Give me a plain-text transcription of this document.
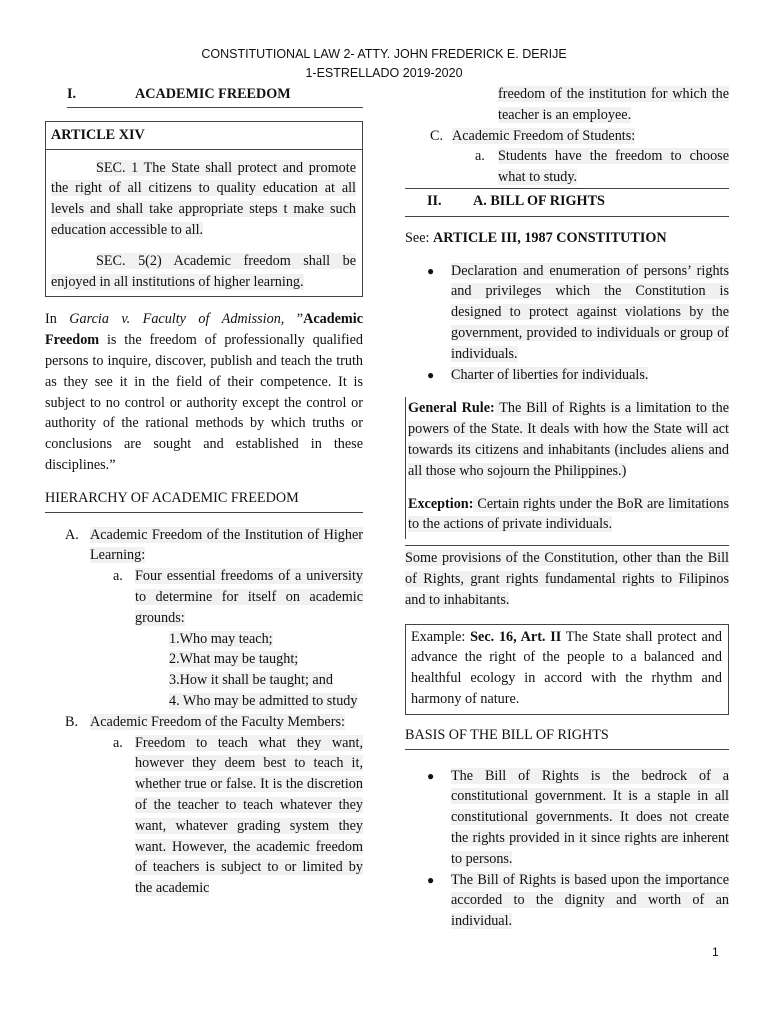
CONSTITUTIONAL LAW 2- ATTY. JOHN FREDERICK E. DERIJE
1-ESTRELLADO 2019-2020
I.	ACADEMIC FREEDOM
ARTICLE XIV

SEC. 1 The State shall protect and promote the right of all citizens to quality education at all levels and shall take appropriate steps t make such education accessible to all.

SEC. 5(2) Academic freedom shall be enjoyed in all institutions of higher learning.

In Garcia v. Faculty of Admission, ”Academic Freedom is the freedom of professionally qualified persons to inquire, discover, publish and teach the truth as they see it in the field of their competence. It is subject to no control or authority except the control or authority of the rational methods by which truths or conclusions are sought and established in these disciplines.”

HIERARCHY OF ACADEMIC FREEDOM
A. Academic Freedom of the Institution of Higher Learning:

a. Four essential freedoms of a university to determine for itself on academic grounds:

1.Who may teach;
2.What may be taught;
3.How it shall be taught; and
4. Who may be admitted to study
B. Academic Freedom of the Faculty Members:

a. Freedom to teach what they want, however they deem best to teach it, whether true or false. It is the discretion of the teacher to teach whatever they want, whatever grading system they want. However, the academic freedom of teachers is subject to or limited by the academic

freedom of the institution for which the teacher is an employee.

C. Academic Freedom of Students:

a. Students have the freedom to choose what to study.

II.	A. BILL OF RIGHTS

See: ARTICLE III, 1987 CONSTITUTION

●	Declaration and enumeration of persons’ rights and privileges which the Constitution is designed to protect against violations by the government, provided to individuals or group of individuals.

●	Charter of liberties for individuals.

General Rule: The Bill of Rights is a limitation to the powers of the State. It deals with how the State will act towards its citizens and inhabitants (includes aliens and all those who sojourn the Philippines.)

Exception: Certain rights under the BoR are limitations to the actions of private individuals.

Some provisions of the Constitution, other than the Bill of Rights, grant rights fundamental rights to Filipinos and to inhabitants.

Example: Sec. 16, Art. II The State shall protect and advance the right of the people to a balanced and healthful ecology in accord with the rhythm and harmony of nature.

BASIS OF THE BILL OF RIGHTS
●	The Bill of Rights is the bedrock of a constitutional government. It is a staple in all constitutional governments. It does not create the rights provided in it since rights are inherent to persons.

●	The Bill of Rights is based upon the importance accorded to the dignity and worth of an individual.

1
